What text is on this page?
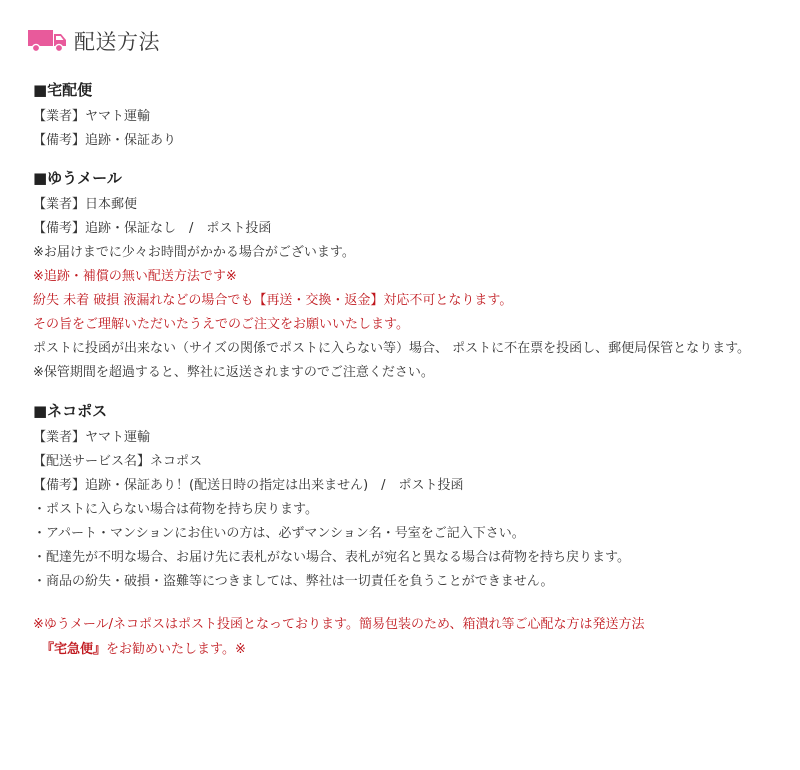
配送方法
■宅配便
【業者】ヤマト運輸
【備考】追跡・保証あり
■ゆうメール
【業者】日本郵便
【備考】追跡・保証なし　/　ポスト投函
※お届けまでに少々お時間がかかる場合がございます。
※追跡・補償の無い配送方法です※
紛失 未着 破損 液漏れなどの場合でも【再送・交換・返金】対応不可となります。
その旨をご理解いただいたうえでのご注文をお願いいたします。
ポストに投函が出来ない（サイズの関係でポストに入らない等）場合、 ポストに不在票を投函し、郵便局保管となります。
※保管期間を超過すると、弊社に返送されますのでご注意ください。
■ネコポス
【業者】ヤマト運輸
【配送サービス名】ネコポス
【備考】追跡・保証あり！(配送日時の指定は出来ません)　/　ポスト投函
・ポストに入らない場合は荷物を持ち戻ります。
・アパート・マンションにお住いの方は、必ずマンション名・号室をご記入下さい。
・配達先が不明な場合、お届け先に表札がない場合、表札が宛名と異なる場合は荷物を持ち戻ります。
・商品の紛失・破損・盗難等につきましては、弊社は一切責任を負うことができません。
※ゆうメール/ネコポスはポスト投函となっております。簡易包装のため、箱潰れ等ご心配な方は発送方法
『宅急便』をお勧めいたします。※
